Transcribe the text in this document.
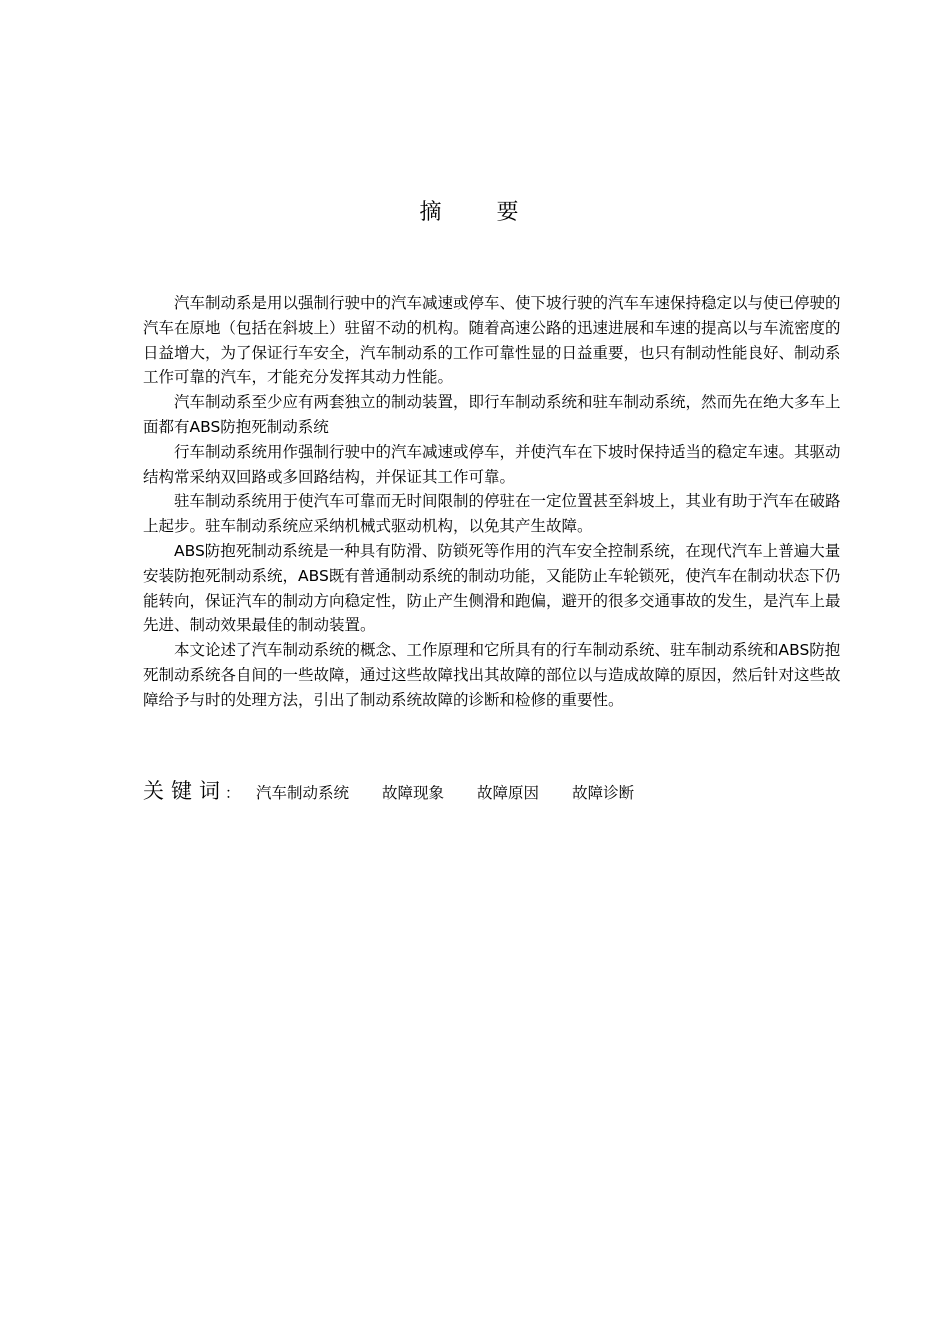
摘 要

汽车制动系是用以强制行驶中的汽车减速或停车、使下坡行驶的汽车车速保持稳定以与使已停驶的汽车在原地（包括在斜坡上）驻留不动的机构。随着高速公路的迅速进展和车速的提高以与车流密度的日益增大，为了保证行车安全，汽车制动系的工作可靠性显的日益重要，也只有制动性能良好、制动系工作可靠的汽车，才能充分发挥其动力性能。

汽车制动系至少应有两套独立的制动装置，即行车制动系统和驻车制动系统，然而先在绝大多车上面都有ABS防抱死制动系统

行车制动系统用作强制行驶中的汽车减速或停车，并使汽车在下坡时保持适当的稳定车速。其驱动结构常采纳双回路或多回路结构，并保证其工作可靠。

驻车制动系统用于使汽车可靠而无时间限制的停驻在一定位置甚至斜坡上，其业有助于汽车在破路上起步。驻车制动系统应采纳机械式驱动机构，以免其产生故障。

ABS防抱死制动系统是一种具有防滑、防锁死等作用的汽车安全控制系统，在现代汽车上普遍大量安装防抱死制动系统，ABS既有普通制动系统的制动功能，又能防止车轮锁死，使汽车在制动状态下仍能转向，保证汽车的制动方向稳定性，防止产生侧滑和跑偏，避开的很多交通事故的发生，是汽车上最先进、制动效果最佳的制动装置。

本文论述了汽车制动系统的概念、工作原理和它所具有的行车制动系统、驻车制动系统和ABS防抱死制动系统各自间的一些故障，通过这些故障找出其故障的部位以与造成故障的原因，然后针对这些故障给予与时的处理方法，引出了制动系统故障的诊断和检修的重要性。

关键词
： 汽车制动系统 故障现象 故障原因 故障诊断
